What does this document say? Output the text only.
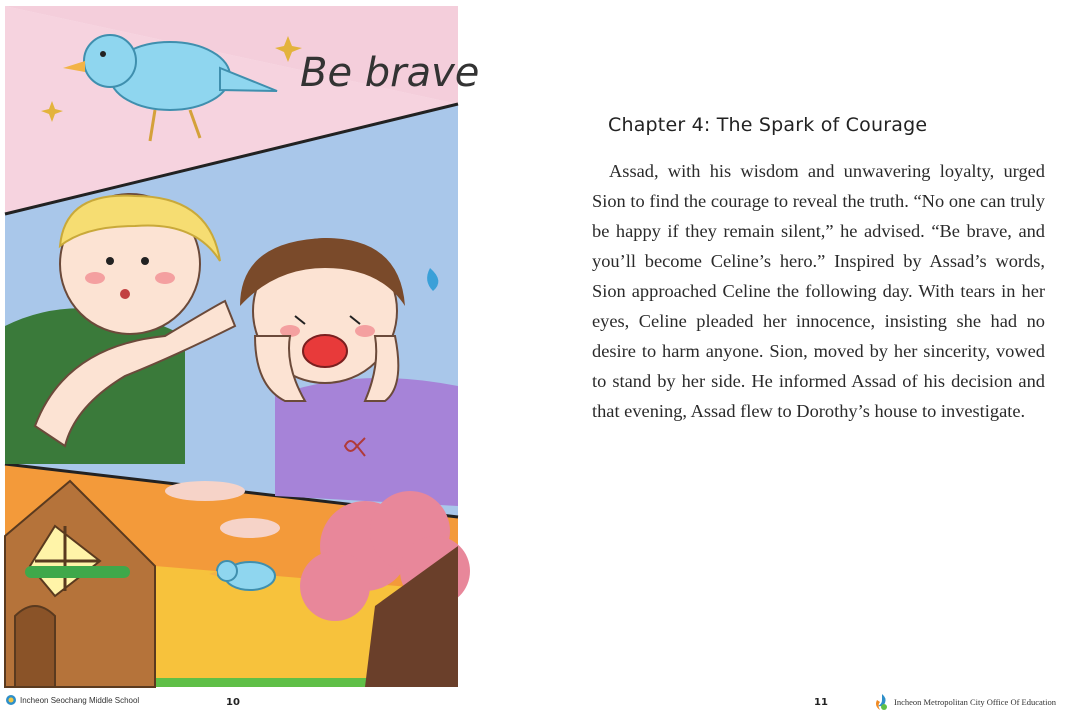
Be brave
Incheon Seochang Middle School	10
Chapter 4: The Spark of Courage

Assad, with his wisdom and unwavering loyalty, urged Sion to find the courage to reveal the truth. “No one can truly be happy if they remain silent,” he advised. “Be brave, and you’ll become Celine’s hero.” Inspired by Assad’s words, Sion approached Celine the following day. With tears in her eyes, Celine pleaded her innocence, insisting she had no desire to harm anyone. Sion, moved by her sincerity, vowed to stand by her side. He informed Assad of his decision and that evening, Assad flew to Dorothy’s house to investigate.

11	Incheon Metropolitan City Office Of Education
